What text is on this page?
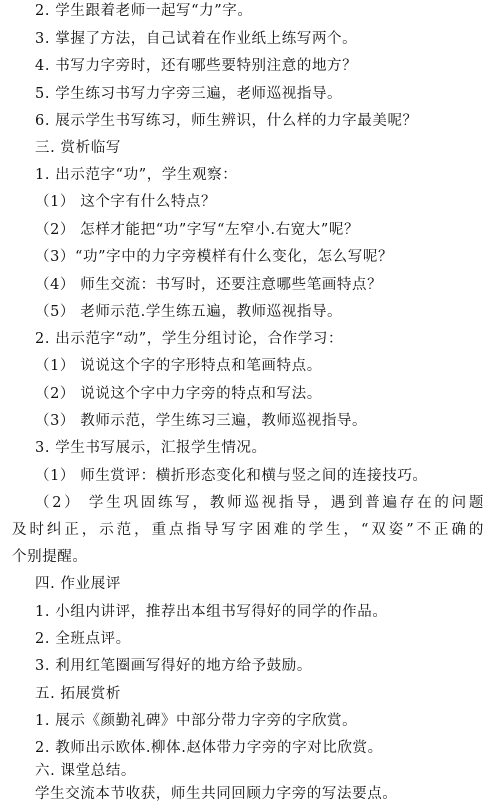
2. 学生跟着老师一起写“力”字。
3. 掌握了方法，自己试着在作业纸上练写两个。
4. 书写力字旁时，还有哪些要特别注意的地方？
5. 学生练习书写力字旁三遍，老师巡视指导。
6. 展示学生书写练习，师生辨识，什么样的力字最美呢？
三. 赏析临写
1. 出示范字“功”，学生观察：
（1） 这个字有什么特点？
（2） 怎样才能把“功”字写“左窄小.右宽大”呢？
（3）“功”字中的力字旁模样有什么变化，怎么写呢？
（4） 师生交流：书写时，还要注意哪些笔画特点？
（5） 老师示范.学生练五遍，教师巡视指导。
2. 出示范字“动”，学生分组讨论，合作学习：
（1） 说说这个字的字形特点和笔画特点。
（2） 说说这个字中力字旁的特点和写法。
（3） 教师示范，学生练习三遍，教师巡视指导。
3. 学生书写展示，汇报学生情况。
（1） 师生赏评：横折形态变化和横与竖之间的连接技巧。
（2） 学生巩固练写，教师巡视指导，遇到普遍存在的问题
及时纠正，示范，重点指导写字困难的学生，“双姿”不正确的
个别提醒。
四. 作业展评
1. 小组内讲评，推荐出本组书写得好的同学的作品。
2. 全班点评。
3. 利用红笔圈画写得好的地方给予鼓励。
五. 拓展赏析
1. 展示《颜勤礼碑》中部分带力字旁的字欣赏。
2. 教师出示欧体.柳体.赵体带力字旁的字对比欣赏。
六. 课堂总结。
学生交流本节收获，师生共同回顾力字旁的写法要点。
